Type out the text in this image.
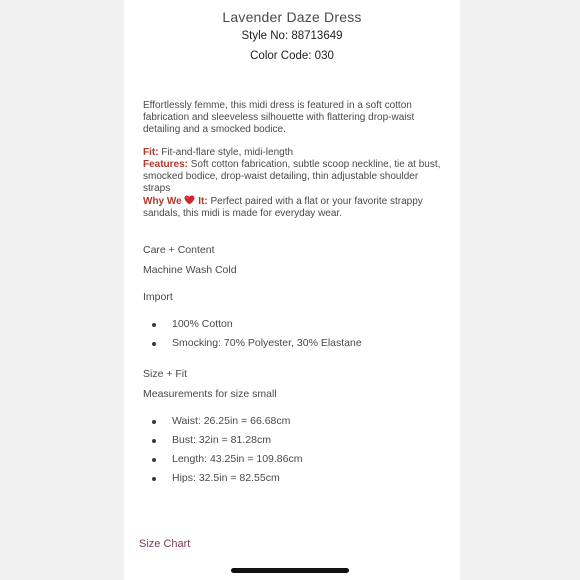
Lavender Daze Dress
Style No: 88713649
Color Code: 030

Effortlessly femme, this midi dress is featured in a soft cotton fabrication and sleeveless silhouette with flattering drop-waist detailing and a smocked bodice.

Fit: Fit-and-flare style, midi-length

Features: Soft cotton fabrication, subtle scoop neckline, tie at bust, smocked bodice, drop-waist detailing, thin adjustable shoulder straps

Why We  It: Perfect paired with a flat or your favorite strappy sandals, this midi is made for everyday wear.

Care + Content
Machine Wash Cold
Import
100% Cotton
Smocking: 70% Polyester, 30% Elastane
Size + Fit
Measurements for size small
Waist: 26.25in = 66.68cm
Bust: 32in = 81.28cm
Length: 43.25in = 109.86cm
Hips: 32.5in = 82.55cm
Size Chart
